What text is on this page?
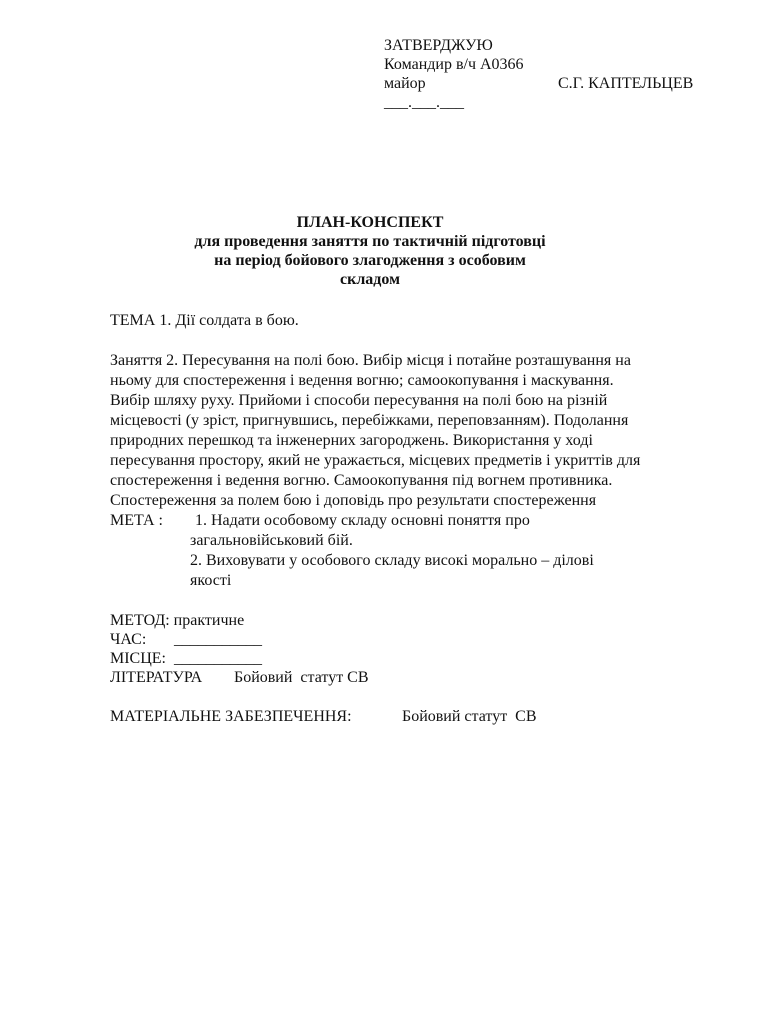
ЗАТВЕРДЖУЮ
Командир в/ч А0366
майор	С.Г. КАПТЕЛЬЦЕВ
___.___.___
ПЛАН-КОНСПЕКТ
для проведення заняття по тактичній підготовці
на період бойового злагодження з особовим
складом

ТЕМА 1. Дії солдата в бою.

Заняття 2. Пересування на полі бою. Вибір місця і потайне розташування на
ньому для спостереження і ведення вогню; самоокопування і маскування.
Вибір шляху руху. Прийоми і способи пересування на полі бою на різній
місцевості (у зріст, пригнувшись, перебіжками, переповзанням). Подолання
природних перешкод та інженерних загороджень. Використання у ході
пересування простору, який не уражається, місцевих предметів і укриттів для
спостереження і ведення вогню. Самоокопування під вогнем противника.
Спостереження за полем бою і доповідь про результати спостереження

МЕТА :

1. Надати особовому складу основні поняття про

загальновійськовий бій.
2. Виховувати у особового складу високі морально – ділові
якості
МЕТОД: практичне

ЧАС:

___________

МІСЦЕ:

___________

ЛІТЕРАТУРА

Бойовий  статут СВ

МАТЕРІАЛЬНЕ ЗАБЕЗПЕЧЕННЯ:

	Бойовий статут  СВ
